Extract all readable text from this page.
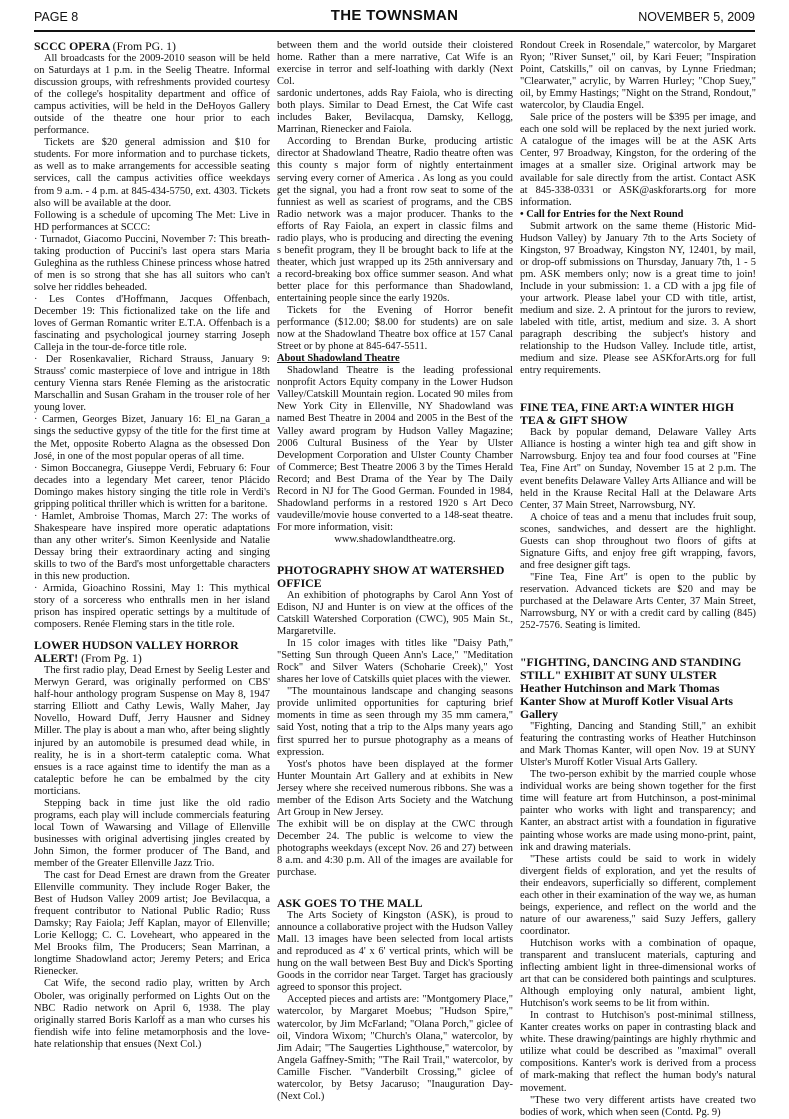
PAGE 8	THE TOWNSMAN	NOVEMBER 5, 2009
SCCC OPERA (From PG. 1)
All broadcasts for the 2009-2010 season will be held on Saturdays at 1 p.m. in the Seelig Theatre. Informal discussion groups, with refreshments provided courtesy of the college's hospitality department and office of campus activities, will be held in the DeHoyos Gallery outside of the theatre one hour prior to each performance.
Tickets are $20 general admission and $10 for students. For more information and to purchase tickets, as well as to make arrangements for accessible seating services, call the campus activities office weekdays from 9 a.m. - 4 p.m. at 845-434-5750, ext. 4303. Tickets also will be available at the door.
Following is a schedule of upcoming The Met: Live in HD performances at SCCC:
· Turnadot, Giacomo Puccini, November 7: This breath-taking production of Puccini's last opera stars Maria Guleghina as the ruthless Chinese princess whose hatred of men is so strong that she has all suitors who can't solve her riddles beheaded.
· Les Contes d'Hoffmann, Jacques Offenbach, December 19: This fictionalized take on the life and loves of German Romantic writer E.T.A. Offenbach is a fascinating and psychological journey starring Joseph Calleja in the tour-de-force title role.
· Der Rosenkavalier, Richard Strauss, January 9: Strauss' comic masterpiece of love and intrigue in 18th century Vienna stars Renée Fleming as the aristocratic Marschallin and Susan Graham in the trouser role of her young lover.
· Carmen, Georges Bizet, January 16: El_na Garan_a sings the seductive gypsy of the title for the first time at the Met, opposite Roberto Alagna as the obsessed Don José, in one of the most popular operas of all time.
· Simon Boccanegra, Giuseppe Verdi, February 6: Four decades into a legendary Met career, tenor Plácido Domingo makes history singing the title role in Verdi's gripping political thriller which is written for a baritone.
· Hamlet, Ambroise Thomas, March 27: The works of Shakespeare have inspired more operatic adaptations than any other writer's. Simon Keenlyside and Natalie Dessay bring their extraordinary acting and singing skills to two of the Bard's most unforgettable characters in this new production.
· Armida, Gioachino Rossini, May 1: This mythical story of a sorceress who enthralls men in her island prison has inspired operatic settings by a multitude of composers. Renée Fleming stars in the title role.
LOWER HUDSON VALLEY HORROR ALERT! (From Pg. 1)
The first radio play, Dead Ernest by Seelig Lester and Merwyn Gerard, was originally performed on CBS' half-hour anthology program Suspense on May 8, 1947 starring Elliott and Cathy Lewis, Wally Maher, Jay Novello, Howard Duff, Jerry Hausner and Sidney Miller. The play is about a man who, after being slightly injured by an automobile is presumed dead while, in reality, he is in a short-term cataleptic coma. What ensues is a race against time to identify the man as a cataleptic before he can be embalmed by the city morticians.
Stepping back in time just like the old radio programs, each play will include commercials featuring local Town of Wawarsing and Village of Ellenville businesses with original advertising jingles created by John Simon, the former producer of The Band, and member of the Greater Ellenville Jazz Trio.
The cast for Dead Ernest are drawn from the Greater Ellenville community. They include Roger Baker, the Best of Hudson Valley 2009 artist; Joe Bevilacqua, a frequent contributor to National Public Radio; Russ Damsky; Ray Faiola; Jeff Kaplan, mayor of Ellenville; Lorie Kellogg; C. C. Loveheart, who appeared in the Mel Brooks film, The Producers; Sean Marrinan, a longtime Shadowland actor; Jeremy Peters; and Erica Rienecker.
Cat Wife, the second radio play, written by Arch Oboler, was originally performed on Lights Out on the NBC Radio network on April 6, 1938. The play originally starred Boris Karloff as a man who curses his fiendish wife into feline metamorphosis and the love-hate relationship that ensues (Next Col.)
between them and the world outside their cloistered home. Rather than a mere narrative, Cat Wife is an exercise in terror and self-loathing with darkly (Next Col.
sardonic undertones, adds Ray Faiola, who is directing both plays. Similar to Dead Ernest, the Cat Wife cast includes Baker, Bevilacqua, Damsky, Kellogg, Marrinan, Rienecker and Faiola.
According to Brendan Burke, producing artistic director at Shadowland Theatre, Radio theatre often was this county s major form of nightly entertainment serving every corner of America . As long as you could get the signal, you had a front row seat to some of the funniest as well as scariest of programs, and the CBS Radio network was a major producer. Thanks to the efforts of Ray Faiola, an expert in classic films and radio plays, who is producing and directing the evening s benefit program, they ll be brought back to life at the theater, which just wrapped up its 25th anniversary and a record-breaking box office summer season. And what better place for this performance than Shadowland, entertaining people since the early 1920s.
Tickets for the Evening of Horror benefit performance ($12.00; $8.00 for students) are on sale now at the Shadowland Theatre box office at 157 Canal Street or by phone at 845-647-5511.
About Shadowland Theatre
Shadowland Theatre is the leading professional nonprofit Actors Equity company in the Lower Hudson Valley/Catskill Mountain region. Located 90 miles from New York City in Ellenville, NY Shadowland was named Best Theatre in 2004 and 2005 in the Best of the Valley award program by Hudson Valley Magazine; 2006 Cultural Business of the Year by Ulster Development Corporation and Ulster County Chamber of Commerce; Best Theatre 2006 3 by the Times Herald Record; and Best Drama of the Year by The Daily Record in NJ for The Good German. Founded in 1984, Shadowland performs in a restored 1920 s Art Deco vaudeville/movie house converted to a 148-seat theatre. For more information, visit:
www.shadowlandtheatre.org.
PHOTOGRAPHY SHOW AT WATERSHED OFFICE
An exhibition of photographs by Carol Ann Yost of Edison, NJ and Hunter is on view at the offices of the Catskill Watershed Corporation (CWC), 905 Main St., Margaretville.
In 15 color images with titles like "Daisy Path," "Setting Sun through Queen Ann's Lace," "Meditation Rock" and Silver Waters (Schoharie Creek)," Yost shares her love of Catskills quiet places with the viewer.
"The mountainous landscape and changing seasons provide unlimited opportunities for capturing brief moments in time as seen through my 35 mm camera," said Yost, noting that a trip to the Alps many years ago first spurred her to pursue photography as a means of expression.
Yost's photos have been displayed at the former Hunter Mountain Art Gallery and at exhibits in New Jersey where she received numerous ribbons. She was a member of the Edison Arts Society and the Watchung Art Group in New Jersey.
The exhibit will be on display at the CWC through December 24. The public is welcome to view the photographs weekdays (except Nov. 26 and 27) between 8 a.m. and 4:30 p.m. All of the images are available for purchase.
ASK GOES TO THE MALL
The Arts Society of Kingston (ASK), is proud to announce a collaborative project with the Hudson Valley Mall. 13 images have been selected from local artists and reproduced as 4' x 6' vertical prints, which will be hung on the wall between Best Buy and Dick's Sporting Goods in the corridor near Target. Target has graciously agreed to sponsor this project.
Accepted pieces and artists are: "Montgomery Place," watercolor, by Margaret Moebus; "Hudson Spire," watercolor, by Jim McFarland; "Olana Porch," giclee of oil, Vindora Wixom; "Church's Olana," watercolor, by Jim Adair; "The Saugerties Lighthouse," watercolor, by Angela Gaffney-Smith; "The Rail Trail," watercolor, by Camille Fischer. "Vanderbilt Crossing," giclee of watercolor, by Betsy Jacaruso; "Inauguration Day- (Next Col.)
Rondout Creek in Rosendale," watercolor, by Margaret Ryon; "River Sunset," oil, by Kari Feuer; "Inspiration Point, Catskills," oil on canvas, by Lynne Friedman; "Clearwater," acrylic, by Warren Hurley; "Chop Suey," oil, by Emmy Hastings; "Night on the Strand, Rondout," watercolor, by Claudia Engel.
Sale price of the posters will be $395 per image, and each one sold will be replaced by the next juried work. A catalogue of the images will be at the ASK Arts Center, 97 Broadway, Kingston, for the ordering of the images at a smaller size. Original artwork may be available for sale directly from the artist. Contact ASK at 845-338-0331 or ASK@askforarts.org for more information.
• Call for Entries for the Next Round
Submit artwork on the same theme (Historic Mid-Hudson Valley) by January 7th to the Arts Society of Kingston, 97 Broadway, Kingston NY, 12401, by mail, or drop-off submissions on Thursday, January 7th, 1 - 5 pm. ASK members only; now is a great time to join! Include in your submission: 1. a CD with a jpg file of your artwork. Please label your CD with title, artist, medium and size. 2. A printout for the jurors to review, labeled with title, artist, medium and size. 3. A short paragraph describing the subject's history and relationship to the Hudson Valley. Include title, artist, medium and size. Please see ASKforArts.org for full entry requirements.
FINE TEA, FINE ART:A WINTER HIGH TEA & GIFT SHOW
Back by popular demand, Delaware Valley Arts Alliance is hosting a winter high tea and gift show in Narrowsburg. Enjoy tea and four food courses at "Fine Tea, Fine Art" on Sunday, November 15 at 2 p.m. The event benefits Delaware Valley Arts Alliance and will be held in the Krause Recital Hall at the Delaware Arts Center, 37 Main Street, Narrowsburg, NY.
A choice of teas and a menu that includes fruit soup, scones, sandwiches, and dessert are the highlight. Guests can shop throughout two floors of gifts at Signature Gifts, and enjoy free gift wrapping, favors, and free designer gift tags.
"Fine Tea, Fine Art" is open to the public by reservation. Advanced tickets are $20 and may be purchased at the Delaware Arts Center, 37 Main Street, Narrowsburg, NY or with a credit card by calling (845) 252-7576. Seating is limited.
"FIGHTING, DANCING AND STANDING STILL" EXHIBIT AT SUNY ULSTER Heather Hutchinson and Mark Thomas Kanter Show at Muroff Kotler Visual Arts Gallery
"Fighting, Dancing and Standing Still," an exhibit featuring the contrasting works of Heather Hutchinson and Mark Thomas Kanter, will open Nov. 19 at SUNY Ulster's Muroff Kotler Visual Arts Gallery.
The two-person exhibit by the married couple whose individual works are being shown together for the first time will feature art from Hutchinson, a post-minimal painter who works with light and transparency; and Kanter, an abstract artist with a foundation in figurative painting whose works are made using mono-print, paint, ink and drawing materials.
"These artists could be said to work in widely divergent fields of exploration, and yet the results of their endeavors, superficially so different, complement each other in their examination of the way we, as human beings, experience, and reflect on the world and the nature of our awareness," said Suzy Jeffers, gallery coordinator.
Hutchison works with a combination of opaque, transparent and translucent materials, capturing and inflecting ambient light in three-dimensional works of art that can be considered both paintings and sculptures. Although employing only natural, ambient light, Hutchison's work seems to be lit from within.
In contrast to Hutchison's post-minimal stillness, Kanter creates works on paper in contrasting black and white. These drawing/paintings are highly rhythmic and utilize what could be described as "maximal" overall compositions. Kanter's work is derived from a process of mark-making that reflect the human body's natural movement.
"These two very different artists have created two bodies of work, which when seen (Contd. Pg. 9)
